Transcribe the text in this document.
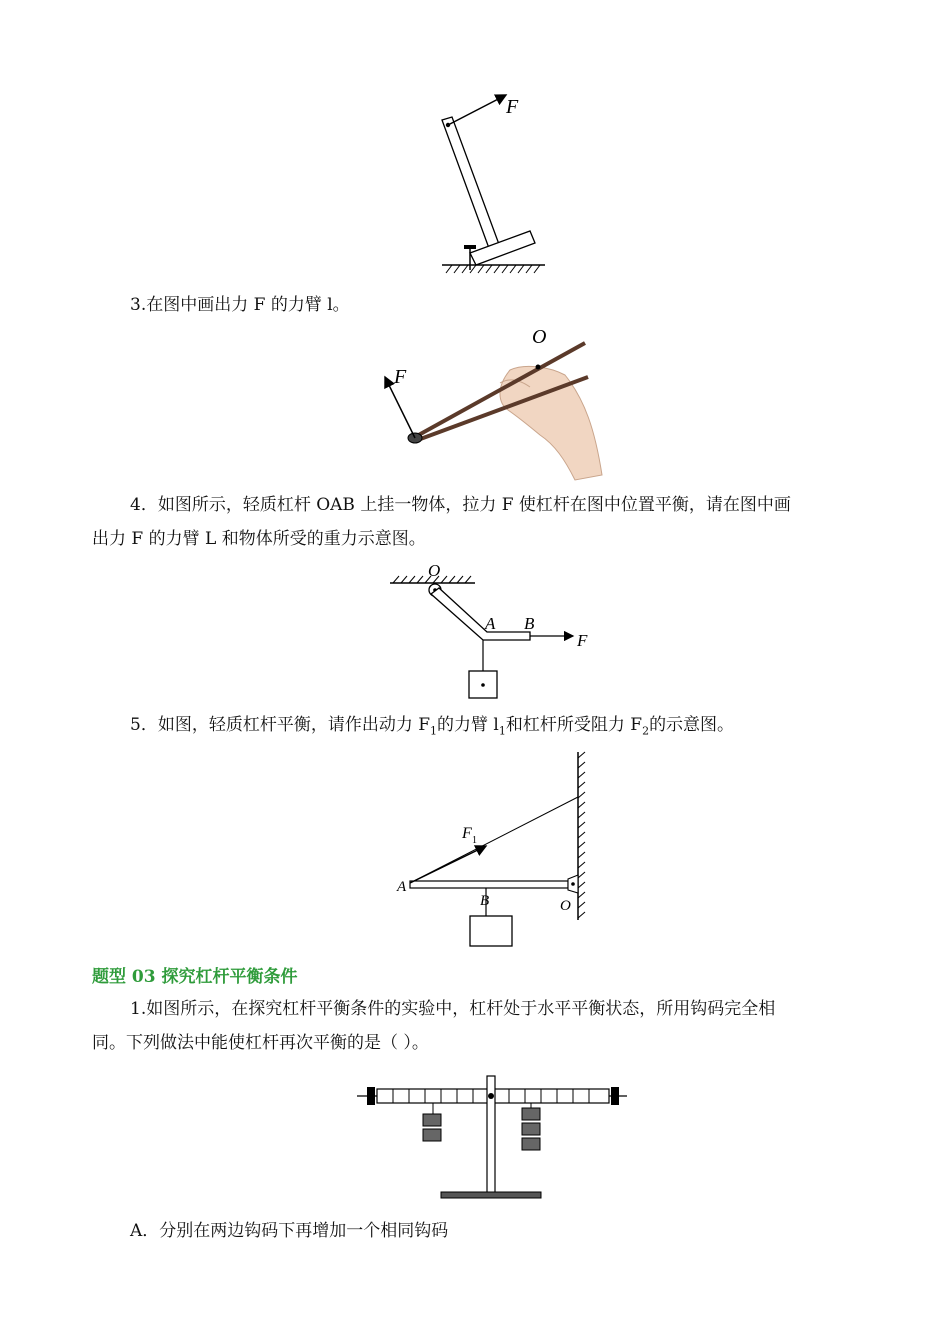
F
3.在图中画出力 F 的力臂 l。
F
O
4．如图所示，轻质杠杆 OAB 上挂一物体，拉力 F 使杠杆在图中位置平衡，请在图中画
出力 F 的力臂 L 和物体所受的重力示意图。
O
A B
F
5．如图，轻质杠杆平衡，请作出动力 $F_1$的力臂 $l_1$和杠杆所受阻力 $F_2$的示意图。
F 1
A
B	O
题型 03 探究杠杆平衡条件
1.如图所示，在探究杠杆平衡条件的实验中，杠杆处于水平平衡状态，所用钩码完全相
同。下列做法中能使杠杆再次平衡的是（ ）。
A．分别在两边钩码下再增加一个相同钩码
